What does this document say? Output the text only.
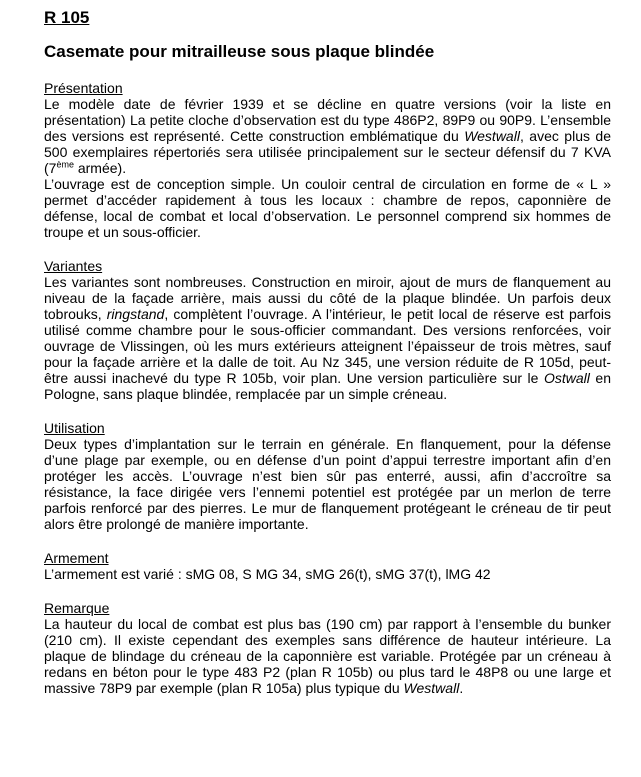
R 105
Casemate pour mitrailleuse sous plaque blindée
Présentation

Le modèle date de février 1939 et se décline en quatre versions (voir la liste en présentation) La petite cloche d’observation est du type 486P2, 89P9 ou 90P9. L’ensemble des versions est représenté. Cette construction emblématique du Westwall, avec plus de 500 exemplaires répertoriés sera utilisée principalement sur le secteur défensif du 7 KVA (7ème armée).

L’ouvrage est de conception simple. Un couloir central de circulation en forme de « L » permet d’accéder rapidement à tous les locaux : chambre de repos, caponnière de défense, local de combat et local d’observation. Le personnel comprend six hommes de troupe et un sous-officier.

Variantes

Les variantes sont nombreuses. Construction en miroir, ajout de murs de flanquement au niveau de la façade arrière, mais aussi du côté de la plaque blindée. Un parfois deux tobrouks, ringstand, complètent l’ouvrage. A l’intérieur, le petit local de réserve est parfois utilisé comme chambre pour le sous-officier commandant. Des versions renforcées, voir ouvrage de Vlissingen, où les murs extérieurs atteignent l’épaisseur de trois mètres, sauf pour la façade arrière et la dalle de toit. Au Nz 345, une version réduite de R 105d, peut-être aussi inachevé du type R 105b, voir plan. Une version particulière sur le Ostwall en Pologne, sans plaque blindée, remplacée par un simple créneau.

Utilisation

Deux types d’implantation sur le terrain en générale. En flanquement, pour la défense d’une plage par exemple, ou en défense d’un point d’appui terrestre important afin d’en protéger les accès. L’ouvrage n’est bien sûr pas enterré, aussi, afin d’accroître sa résistance, la face dirigée vers l’ennemi potentiel est protégée par un merlon de terre parfois renforcé par des pierres. Le mur de flanquement protégeant le créneau de tir peut alors être prolongé de manière importante.

Armement

L’armement est varié : sMG 08, S MG 34, sMG 26(t), sMG 37(t), lMG 42

Remarque

La hauteur du local de combat est plus bas (190 cm) par rapport à l’ensemble du bunker (210 cm). Il existe cependant des exemples sans différence de hauteur intérieure. La plaque de blindage du créneau de la caponnière est variable. Protégée par un créneau à redans en béton pour le type 483 P2 (plan R 105b) ou plus tard le 48P8 ou une large et massive 78P9 par exemple (plan R 105a) plus typique du Westwall.
